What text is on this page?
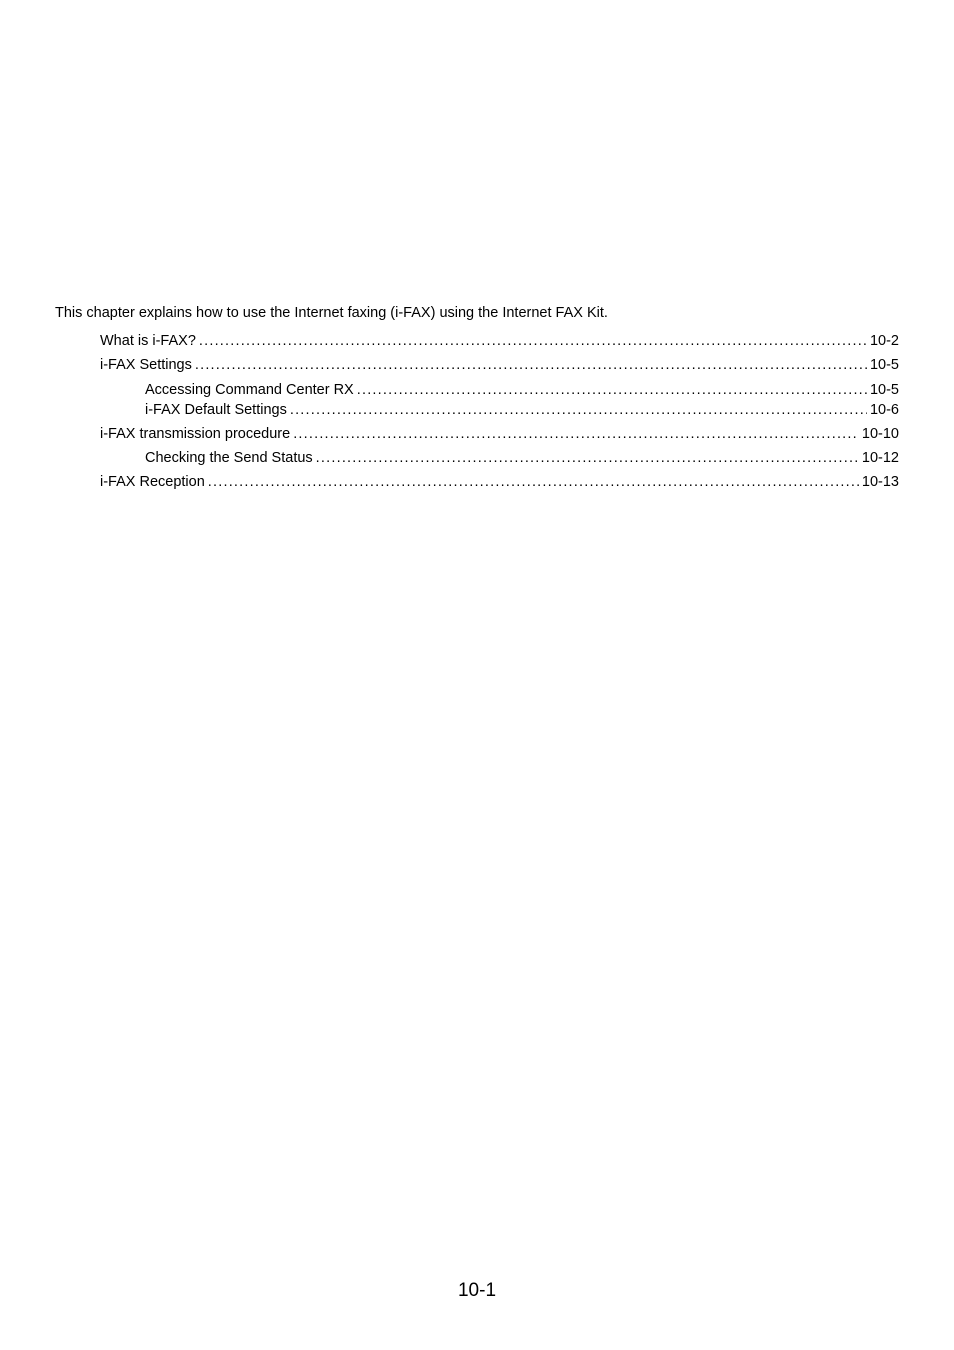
This chapter explains how to use the Internet faxing (i-FAX) using the Internet FAX Kit.
What is i-FAX? .....	10-2
i-FAX Settings .....	10-5
Accessing Command Center RX .....	10-5
i-FAX Default Settings .....	10-6
i-FAX transmission procedure .....	10-10
Checking the Send Status .....	10-12
i-FAX Reception .....	10-13
10-1
